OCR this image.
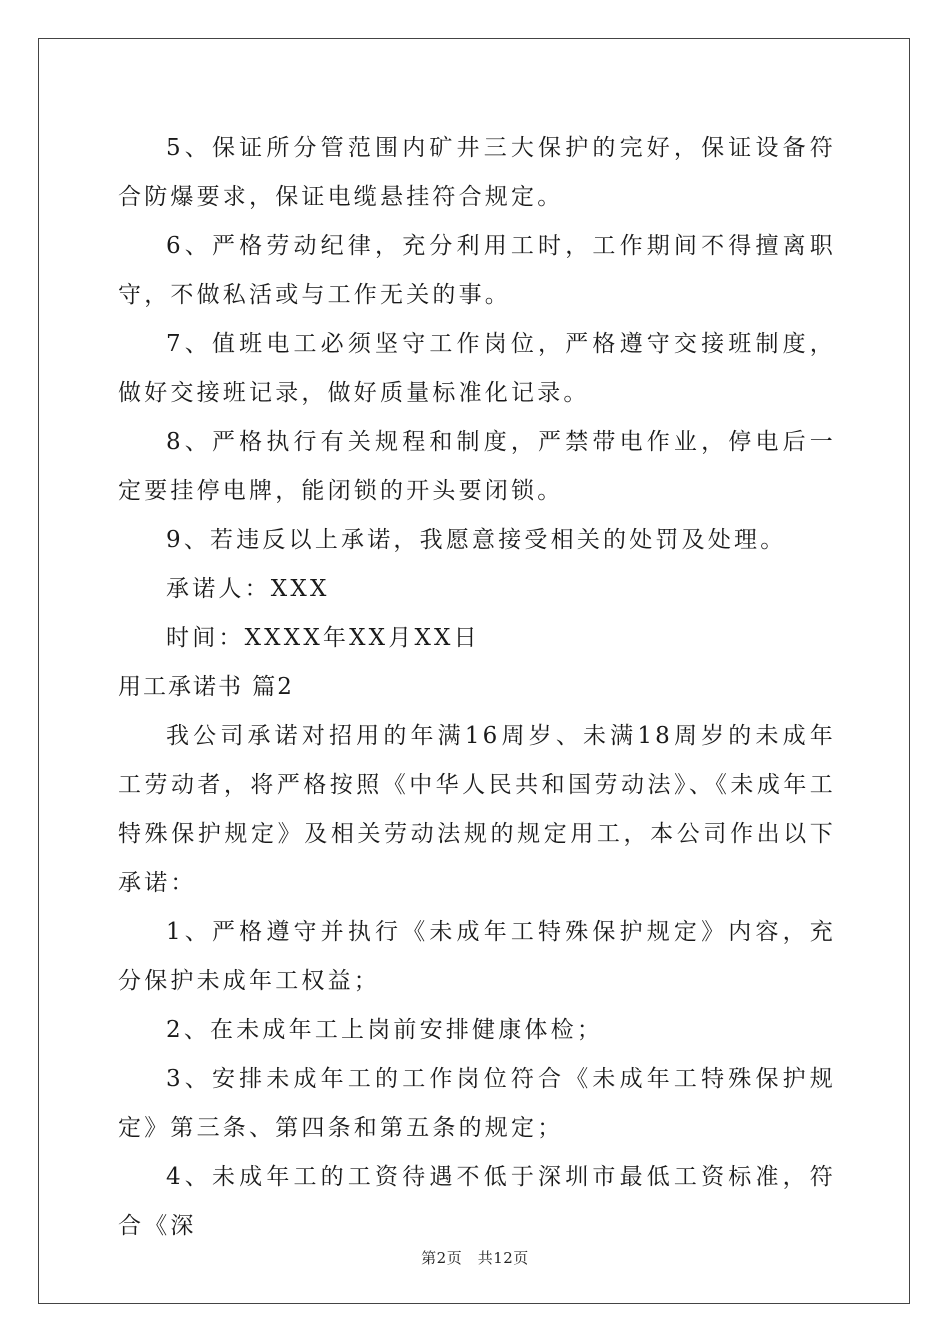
5、保证所分管范围内矿井三大保护的完好，保证设备符合防爆要求，保证电缆悬挂符合规定。

6、严格劳动纪律，充分利用工时，工作期间不得擅离职守，不做私活或与工作无关的事。

7、值班电工必须坚守工作岗位，严格遵守交接班制度，做好交接班记录，做好质量标准化记录。

8、严格执行有关规程和制度，严禁带电作业，停电后一定要挂停电牌，能闭锁的开头要闭锁。

9、若违反以上承诺，我愿意接受相关的处罚及处理。

承诺人：XXX

时间：XXXX年XX月XX日

用工承诺书 篇2

我公司承诺对招用的年满16周岁、未满18周岁的未成年工劳动者，将严格按照《中华人民共和国劳动法》、《未成年工特殊保护规定》及相关劳动法规的规定用工，本公司作出以下承诺：

1、严格遵守并执行《未成年工特殊保护规定》内容，充分保护未成年工权益；

2、在未成年工上岗前安排健康体检；

3、安排未成年工的工作岗位符合《未成年工特殊保护规定》第三条、第四条和第五条的规定；

4、未成年工的工资待遇不低于深圳市最低工资标准，符合《深

第2页　共12页
